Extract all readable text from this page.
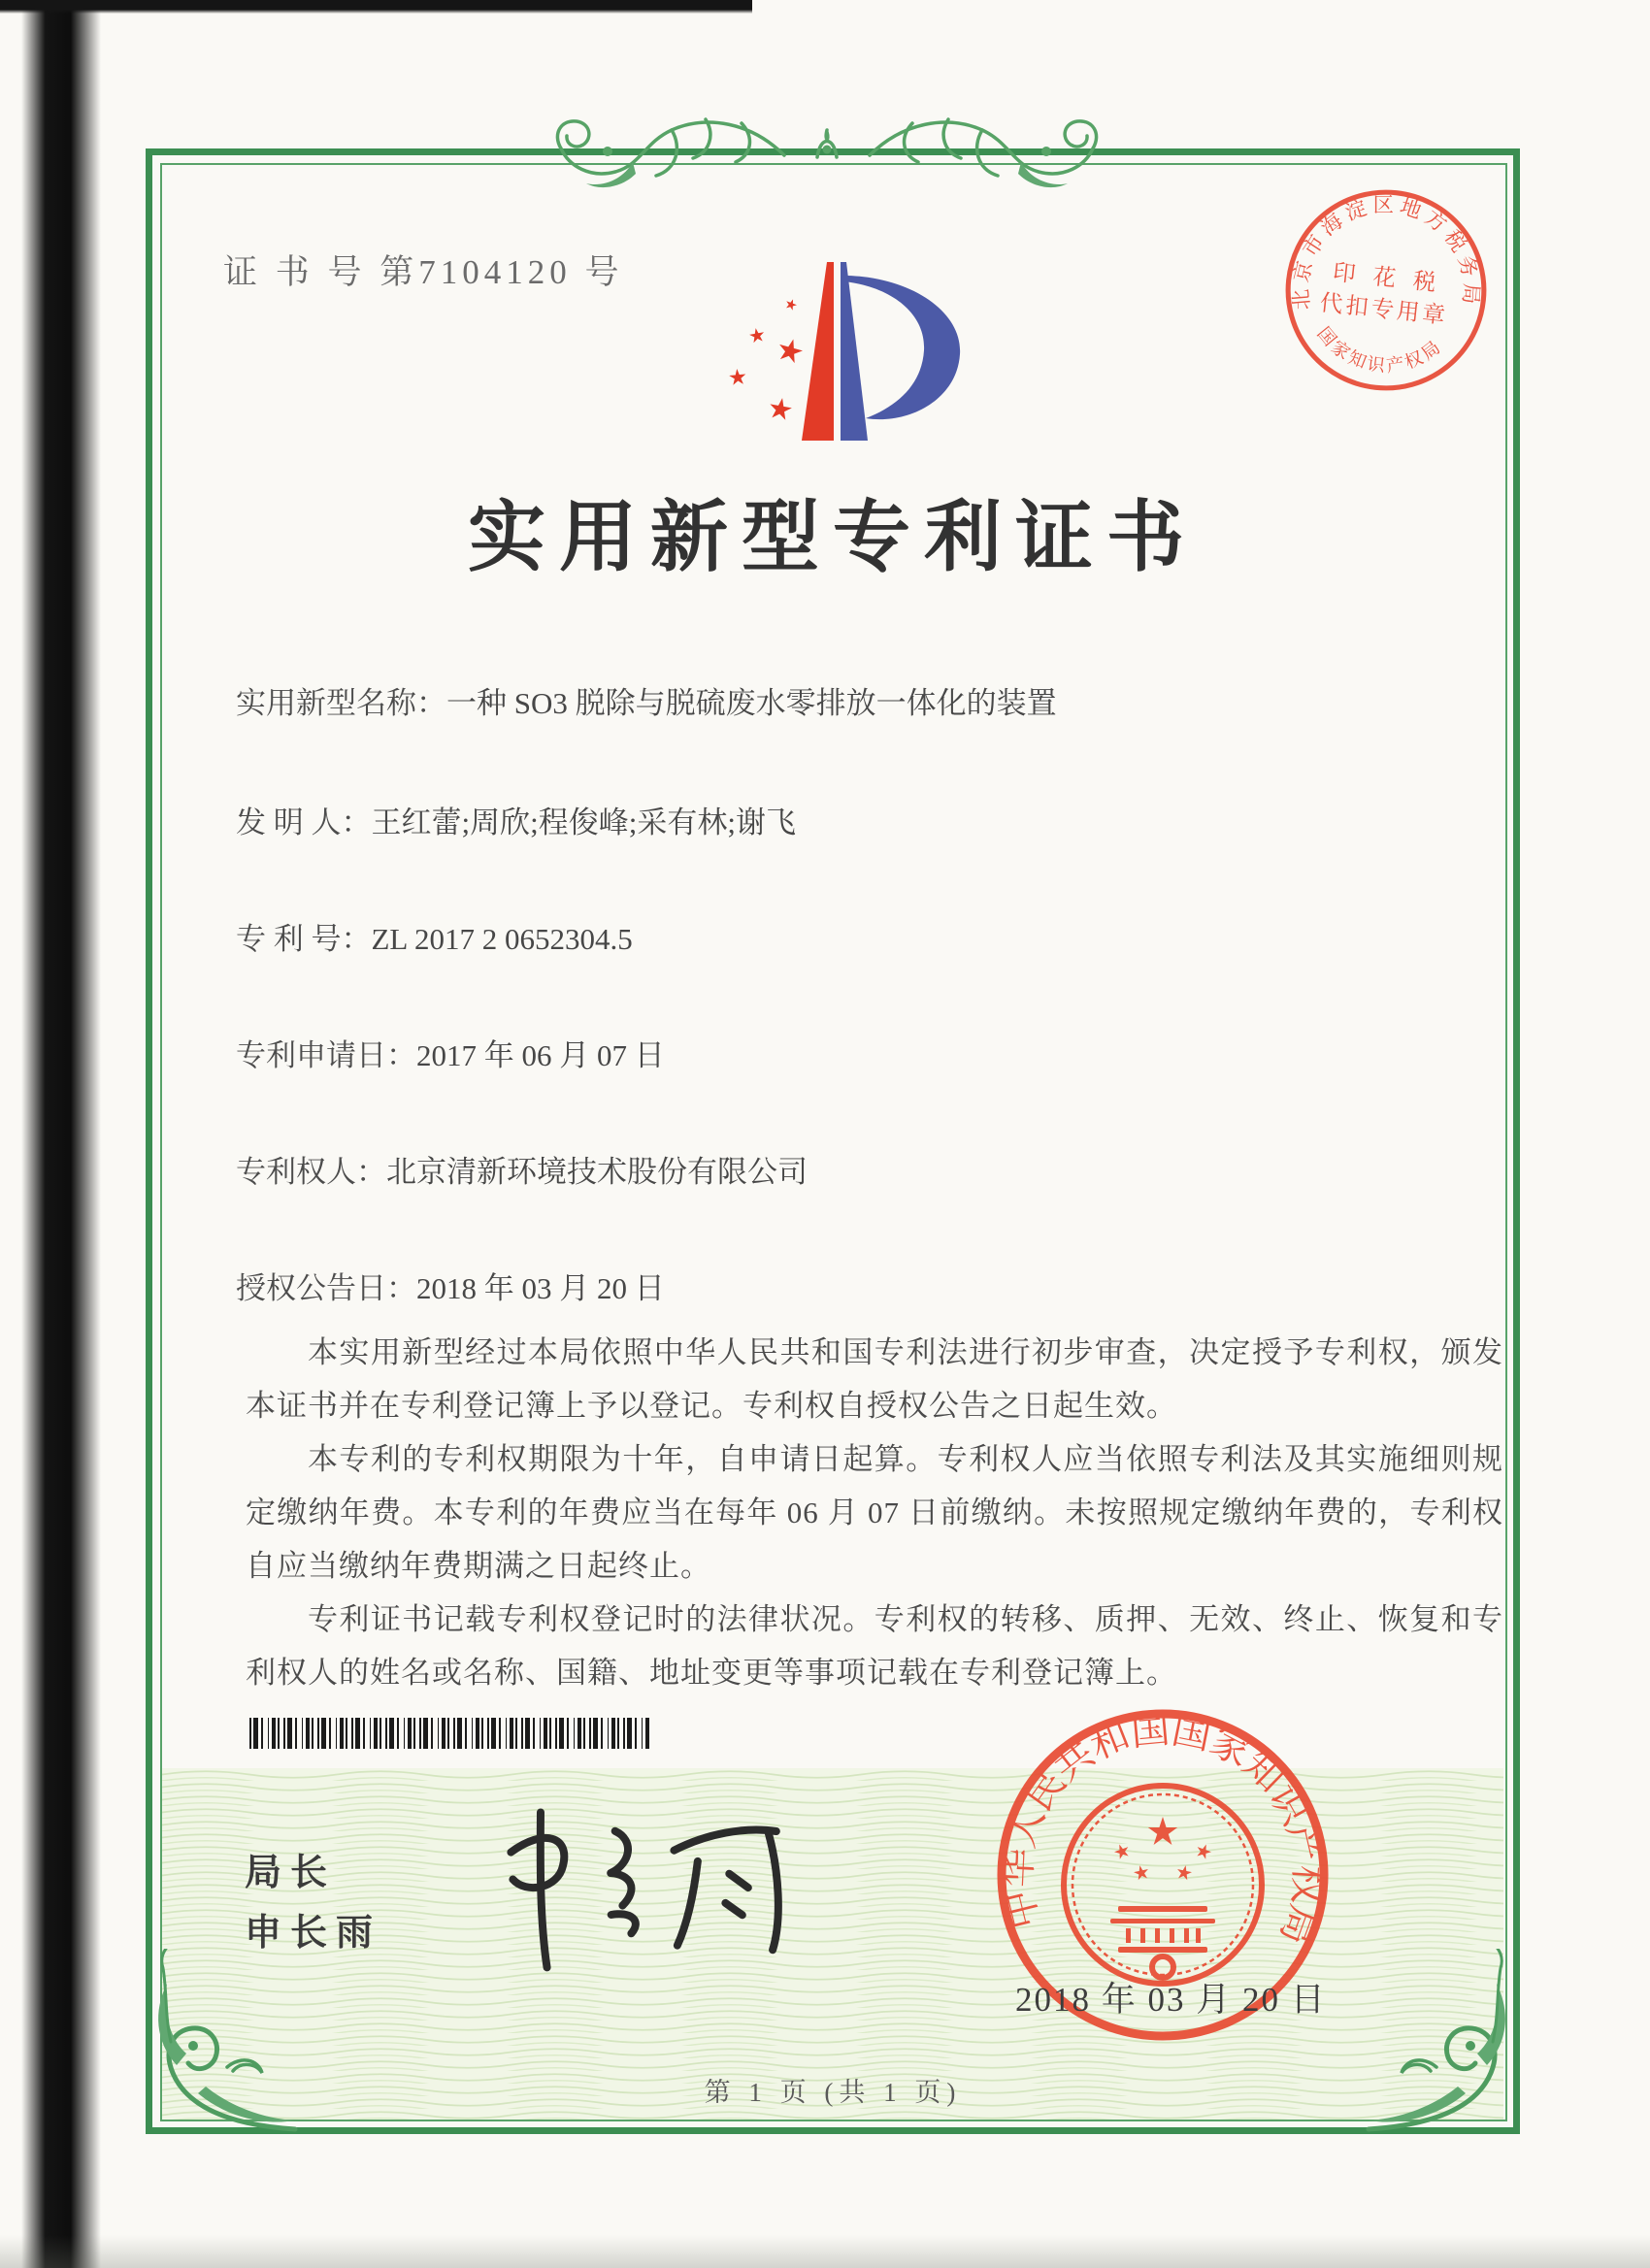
证 书 号 第7104120 号
北京市海淀区地方税务局
国家知识产权局
印 花 税
代扣专用章
实用新型专利证书
实用新型名称：一种 SO3 脱除与脱硫废水零排放一体化的装置
发 明 人：王红蕾;周欣;程俊峰;采有林;谢飞
专 利 号：ZL 2017 2 0652304.5
专利申请日：2017 年 06 月 07 日
专利权人：北京清新环境技术股份有限公司
授权公告日：2018 年 03 月 20 日

本实用新型经过本局依照中华人民共和国专利法进行初步审查，决定授予专利权，颁发本证书并在专利登记簿上予以登记。专利权自授权公告之日起生效。

本专利的专利权期限为十年，自申请日起算。专利权人应当依照专利法及其实施细则规定缴纳年费。本专利的年费应当在每年 06 月 07 日前缴纳。未按照规定缴纳年费的，专利权自应当缴纳年费期满之日起终止。

专利证书记载专利权登记时的法律状况。专利权的转移、质押、无效、终止、恢复和专利权人的姓名或名称、国籍、地址变更等事项记载在专利登记簿上。

局长
申长雨	中华人民共和国国家知识产权局
2018 年 03 月 20 日
第 1 页 (共 1 页)
